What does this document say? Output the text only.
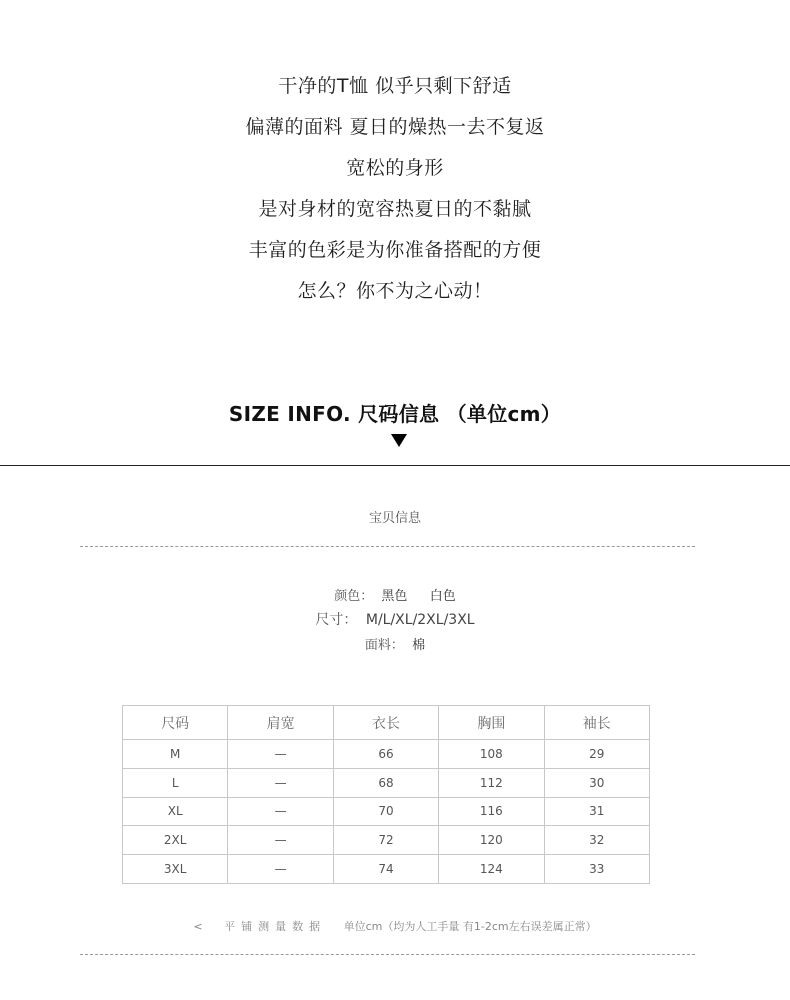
干净的T恤 似乎只剩下舒适
偏薄的面料 夏日的燥热一去不复返
宽松的身形
是对身材的宽容热夏日的不黏腻
丰富的色彩是为你准备搭配的方便
怎么？你不为之心动！
SIZE INFO. 尺码信息 （单位cm）
宝贝信息
颜色： 黑色 白色
尺寸： M/L/XL/2XL/3XL
面料： 棉
尺码	肩宽	衣长	胸围	袖长
M	—	66	108	29
L	—	68	112	30
XL	—	70	116	31
2XL	—	72	120	32
3XL	—	74	124	33
< 平铺测量数据 单位cm（均为人工手量 有1-2cm左右误差属正常）
